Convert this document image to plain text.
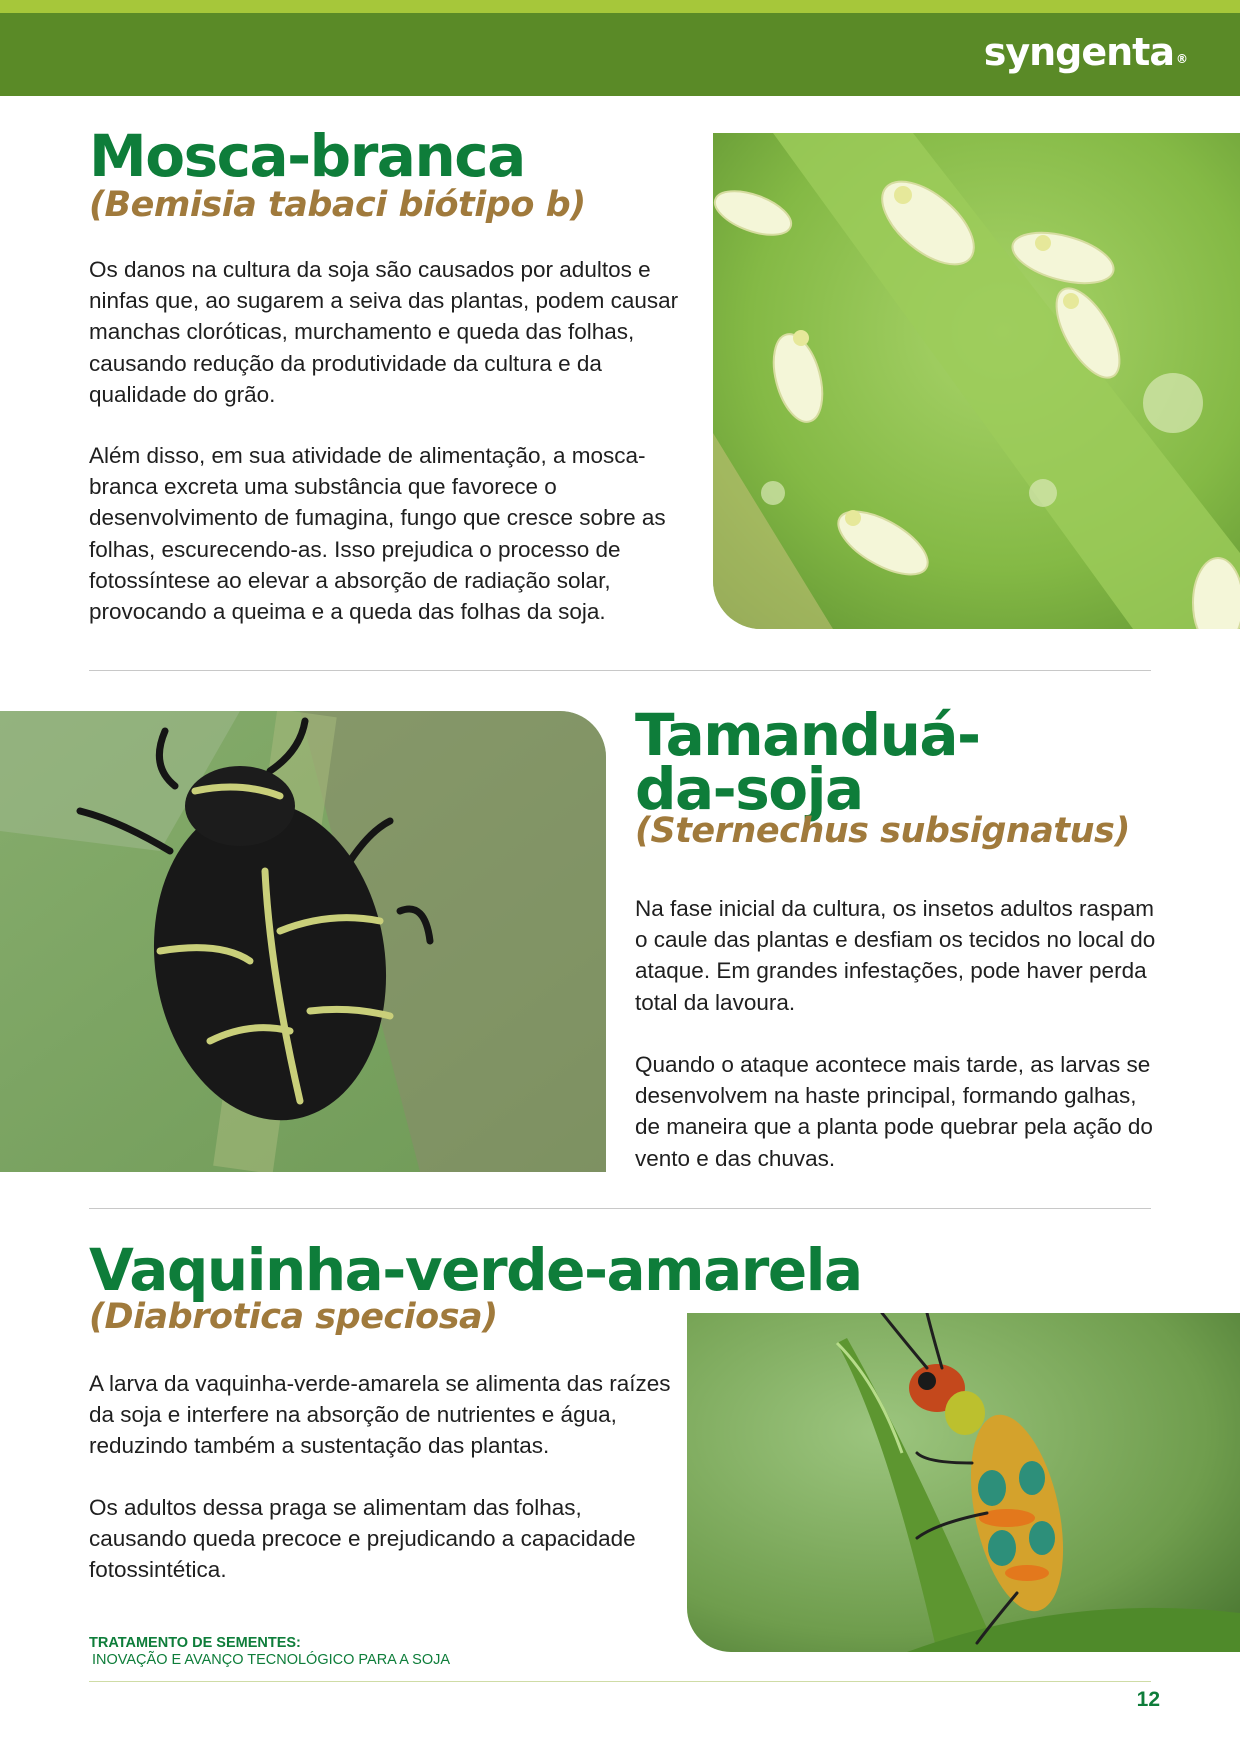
syngenta ®
Mosca-branca
(Bemisia tabaci biótipo b)

Os danos na cultura da soja são causados por adultos e ninfas que, ao sugarem a seiva das plantas, podem causar manchas cloróticas, murchamento e queda das folhas, causando redução da produtividade da cultura e da qualidade do grão.

Além disso, em sua atividade de alimentação, a mosca-branca excreta uma substância que favorece o desenvolvimento de fumagina, fungo que cresce sobre as folhas, escurecendo-as. Isso prejudica o processo de fotossíntese ao elevar a absorção de radiação solar, provocando a queima e a queda das folhas da soja.

Tamanduá-
da-soja
(Sternechus subsignatus)

Na fase inicial da cultura, os insetos adultos raspam o caule das plantas e desfiam os tecidos no local do ataque. Em grandes infestações, pode haver perda total da lavoura.

Quando o ataque acontece mais tarde, as larvas se desenvolvem na haste principal, formando galhas, de maneira que a planta pode quebrar pela ação do vento e das chuvas.

Vaquinha-verde-amarela
(Diabrotica speciosa)

A larva da vaquinha-verde-amarela se alimenta das raízes da soja e interfere na absorção de nutrientes e água, reduzindo também a sustentação das plantas.

Os adultos dessa praga se alimentam das folhas, causando queda precoce e prejudicando a capacidade fotossintética.

TRATAMENTO DE SEMENTES:
INOVAÇÃO E AVANÇO TECNOLÓGICO PARA A SOJA
12
